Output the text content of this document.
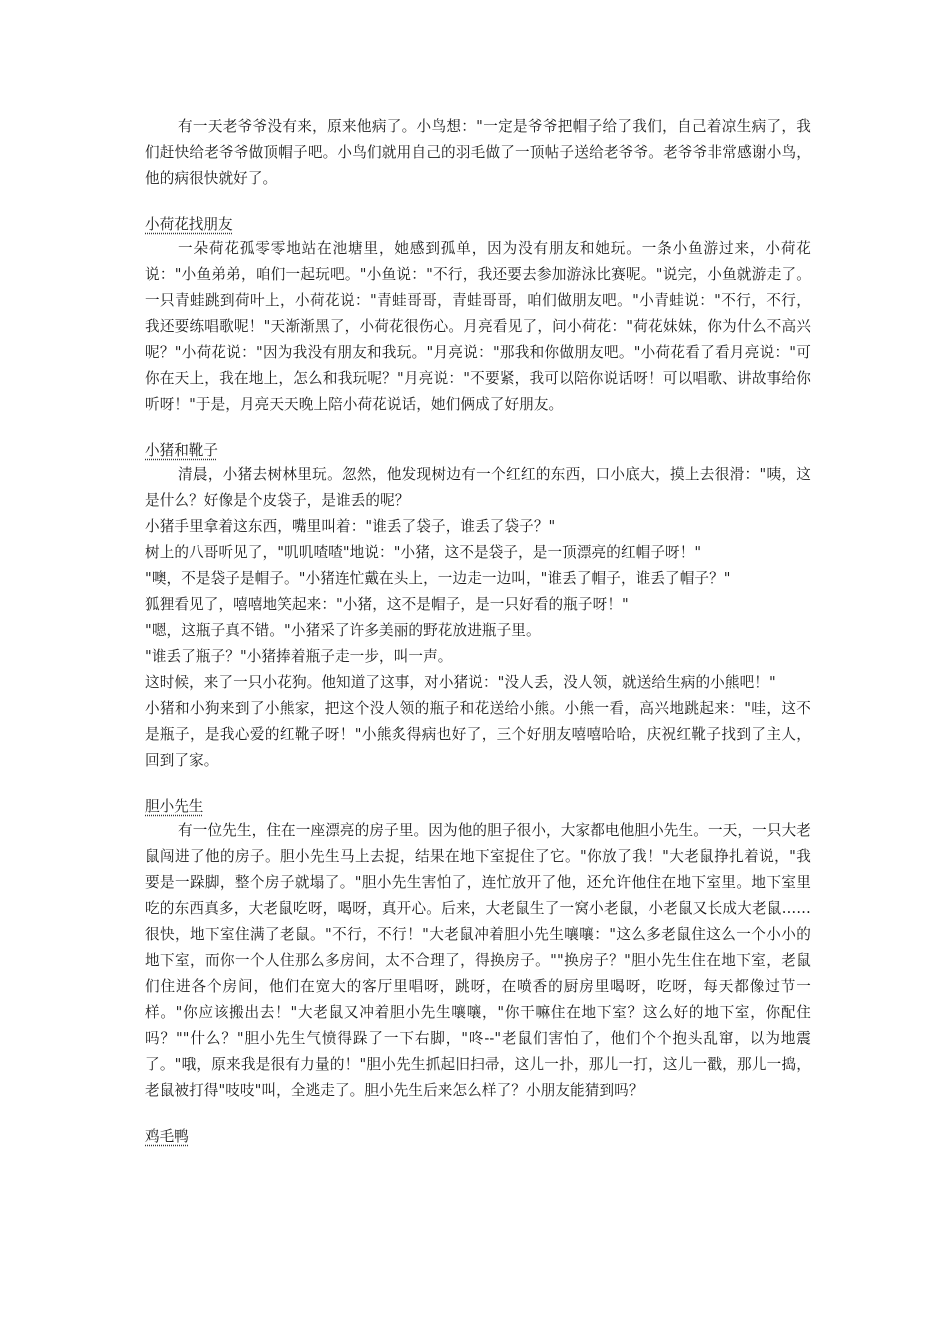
有一天老爷爷没有来，原来他病了。小鸟想："一定是爷爷把帽子给了我们，自己着凉生病了，我们赶快给老爷爷做顶帽子吧。小鸟们就用自己的羽毛做了一顶帖子送给老爷爷。老爷爷非常感谢小鸟，他的病很快就好了。

小荷花找朋友

一朵荷花孤零零地站在池塘里，她感到孤单，因为没有朋友和她玩。一条小鱼游过来，小荷花说："小鱼弟弟，咱们一起玩吧。"小鱼说："不行，我还要去参加游泳比赛呢。"说完，小鱼就游走了。一只青蛙跳到荷叶上，小荷花说："青蛙哥哥，青蛙哥哥，咱们做朋友吧。"小青蛙说："不行，不行，我还要练唱歌呢！"天渐渐黑了，小荷花很伤心。月亮看见了，问小荷花："荷花妹妹，你为什么不高兴呢？"小荷花说："因为我没有朋友和我玩。"月亮说："那我和你做朋友吧。"小荷花看了看月亮说："可你在天上，我在地上，怎么和我玩呢？"月亮说："不要紧，我可以陪你说话呀！可以唱歌、讲故事给你听呀！"于是，月亮天天晚上陪小荷花说话，她们俩成了好朋友。

小猪和靴子

清晨，小猪去树林里玩。忽然，他发现树边有一个红红的东西，口小底大，摸上去很滑："咦，这是什么？好像是个皮袋子，是谁丢的呢？

小猪手里拿着这东西，嘴里叫着："谁丢了袋子，谁丢了袋子？"

树上的八哥听见了，"叽叽喳喳"地说："小猪，这不是袋子，是一顶漂亮的红帽子呀！"

"噢，不是袋子是帽子。"小猪连忙戴在头上，一边走一边叫，"谁丢了帽子，谁丢了帽子？"

狐狸看见了，嘻嘻地笑起来："小猪，这不是帽子，是一只好看的瓶子呀！"

"嗯，这瓶子真不错。"小猪采了许多美丽的野花放进瓶子里。

"谁丢了瓶子？"小猪捧着瓶子走一步，叫一声。

这时候，来了一只小花狗。他知道了这事，对小猪说："没人丢，没人领，就送给生病的小熊吧！"

小猪和小狗来到了小熊家，把这个没人领的瓶子和花送给小熊。小熊一看，高兴地跳起来："哇，这不是瓶子，是我心爱的红靴子呀！"小熊炙得病也好了，三个好朋友嘻嘻哈哈，庆祝红靴子找到了主人，回到了家。

胆小先生

有一位先生，住在一座漂亮的房子里。因为他的胆子很小，大家都电他胆小先生。一天，一只大老鼠闯进了他的房子。胆小先生马上去捉，结果在地下室捉住了它。"你放了我！"大老鼠挣扎着说，"我要是一跺脚，整个房子就塌了。"胆小先生害怕了，连忙放开了他，还允许他住在地下室里。地下室里吃的东西真多，大老鼠吃呀，喝呀，真开心。后来，大老鼠生了一窝小老鼠，小老鼠又长成大老鼠……很快，地下室住满了老鼠。"不行，不行！"大老鼠冲着胆小先生嚷嚷："这么多老鼠住这么一个小小的地下室，而你一个人住那么多房间，太不合理了，得换房子。""换房子？"胆小先生住在地下室，老鼠们住进各个房间，他们在宽大的客厅里唱呀，跳呀，在喷香的厨房里喝呀，吃呀，每天都像过节一样。"你应该搬出去！"大老鼠又冲着胆小先生嚷嚷，"你干嘛住在地下室？这么好的地下室，你配住吗？""什么？"胆小先生气愤得跺了一下右脚，"咚--"老鼠们害怕了，他们个个抱头乱窜，以为地震了。"哦，原来我是很有力量的！"胆小先生抓起旧扫帚，这儿一扑，那儿一打，这儿一戳，那儿一捣，老鼠被打得"吱吱"叫，全逃走了。胆小先生后来怎么样了？小朋友能猜到吗？

鸡毛鸭
